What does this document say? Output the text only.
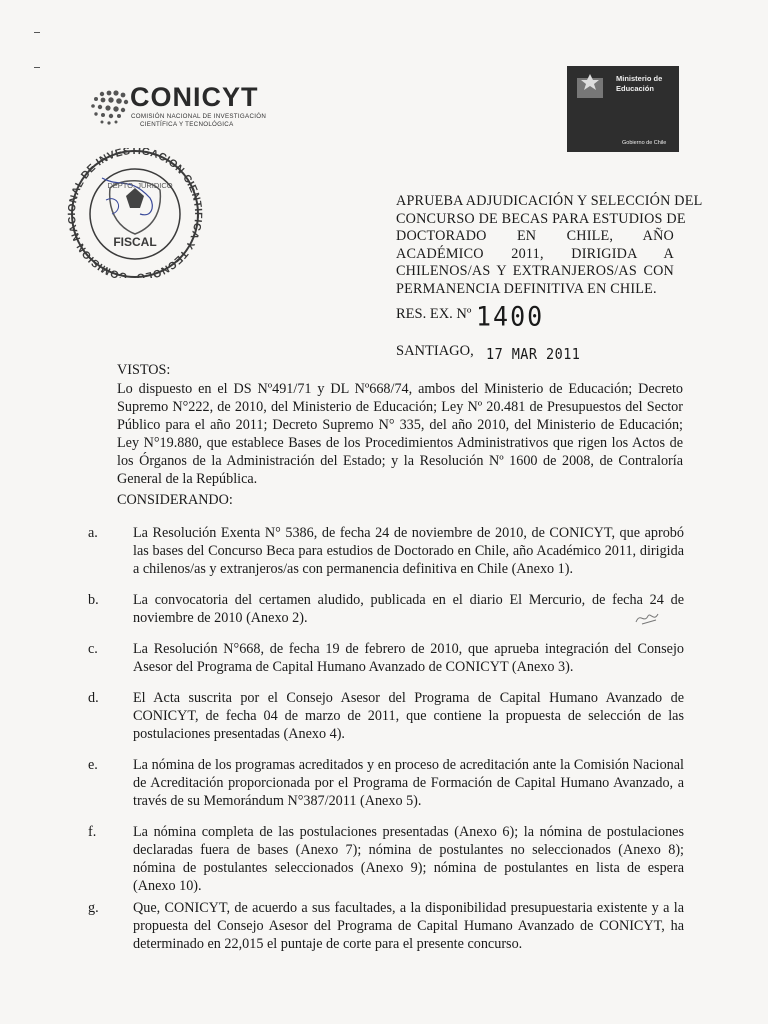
CONICYT
COMISIÓN NACIONAL DE INVESTIGACIÓN
CIENTÍFICA Y TECNOLÓGICA
Ministerio de
Educación
Gobierno de Chile
COMISION NACIONAL DE INVESTIGACION CIENTIFICA Y TECNOLO
FISCAL
DEPTO. JURIDICO
APRUEBA ADJUDICACIÓN Y SELECCIÓN DEL
CONCURSO DE BECAS PARA ESTUDIOS DE
DOCTORADO EN CHILE, AÑO
ACADÉMICO 2011, DIRIGIDA A
CHILENOS/AS Y EXTRANJEROS/AS CON
PERMANENCIA DEFINITIVA EN CHILE.
RES. EX. Nº 1400
SANTIAGO, 17 MAR 2011
VISTOS:
Lo dispuesto en el DS Nº491/71 y DL Nº668/74, ambos del Ministerio de Educación; Decreto Supremo N°222, de 2010, del Ministerio de Educación; Ley Nº 20.481 de Presupuestos del Sector Público para el año 2011; Decreto Supremo N° 335, del año 2010, del Ministerio de Educación; Ley N°19.880, que establece Bases de los Procedimientos Administrativos que rigen los Actos de los Órganos de la Administración del Estado; y la Resolución Nº 1600 de 2008, de Contraloría General de la República.
CONSIDERANDO:
a. La Resolución Exenta N° 5386, de fecha 24 de noviembre de 2010, de CONICYT, que aprobó las bases del Concurso Beca para estudios de Doctorado en Chile, año Académico 2011, dirigida a chilenos/as y extranjeros/as con permanencia definitiva en Chile (Anexo 1).
b. La convocatoria del certamen aludido, publicada en el diario El Mercurio, de fecha 24 de noviembre de 2010 (Anexo 2).
c. La Resolución N°668, de fecha 19 de febrero de 2010, que aprueba integración del Consejo Asesor del Programa de Capital Humano Avanzado de CONICYT (Anexo 3).
d. El Acta suscrita por el Consejo Asesor del Programa de Capital Humano Avanzado de CONICYT, de fecha 04 de marzo de 2011, que contiene la propuesta de selección de las postulaciones presentadas (Anexo 4).
e. La nómina de los programas acreditados y en proceso de acreditación ante la Comisión Nacional de Acreditación proporcionada por el Programa de Formación de Capital Humano Avanzado, a través de su Memorándum N°387/2011 (Anexo 5).
f.	La nómina completa de las postulaciones presentadas (Anexo 6); la nómina de postulaciones declaradas fuera de bases (Anexo 7); nómina de postulantes no seleccionados (Anexo 8); nómina de postulantes seleccionados (Anexo 9); nómina de postulantes en lista de espera (Anexo 10).
g. Que, CONICYT, de acuerdo a sus facultades, a la disponibilidad presupuestaria existente y a la propuesta del Consejo Asesor del Programa de Capital Humano Avanzado de CONICYT, ha determinado en 22,015 el puntaje de corte para el presente concurso.
